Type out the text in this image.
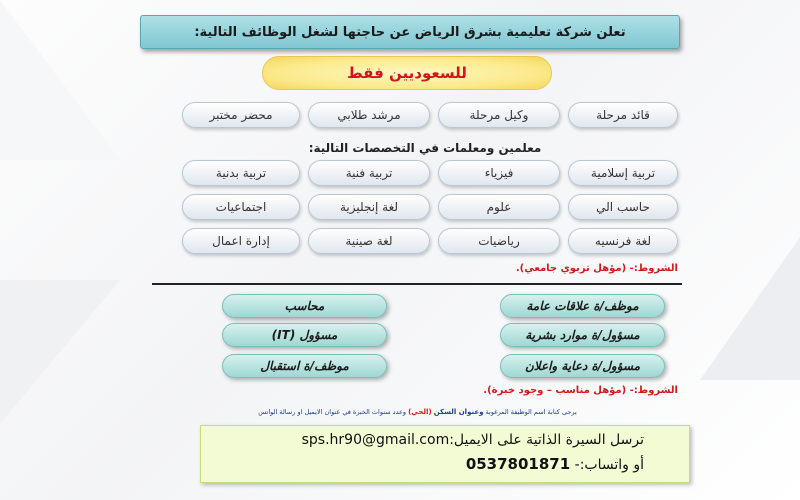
تعلن شركة تعليمية بشرق الرياض عن حاجتها لشغل الوظائف التالية:
للسعوديين فقط
قائد مرحلة
وكيل مرحلة
مرشد طلابي
محضر مختبر
معلمين ومعلمات في التخصصات التالية:
تربية إسلامية
فيزياء
تربية فنية
تربية بدنية
حاسب الي
علوم
لغة إنجليزية
اجتماعيات
لغة فرنسيه
رياضيات
لغة صينية
إدارة اعمال
الشروط:- (مؤهل تربوي جامعي).
موظف/ة علاقات عامة
مسؤول/ة موارد بشرية
مسؤول/ة دعاية واعلان
محاسب
مسؤول (IT)
موظف/ة استقبال
الشروط:- (مؤهل مناسب – وجود خبرة).
يرجى كتابة اسم الوظيفة المرغوبة

وعنوان السكن

(الحي)

وعدد سنوات الخبرة في عنوان الايميل او رسالة الواتس
ترسل السيرة الذاتية على الايميل:sps.hr90@gmail.com
أو واتساب:- 0537801871
